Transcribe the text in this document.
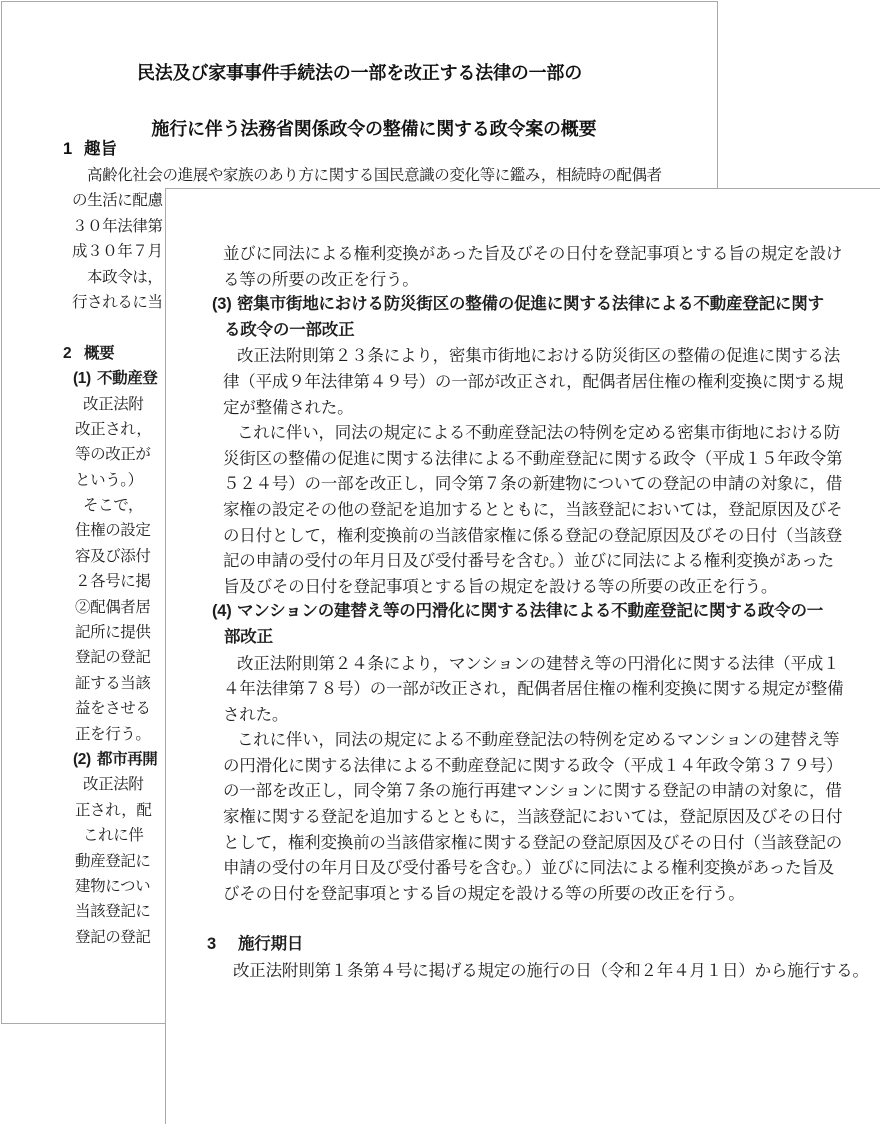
民法及び家事事件手続法の一部を改正する法律の一部の

施行に伴う法務省関係政令の整備に関する政令案の概要

1 趣旨

高齢化社会の進展や家族のあり方に関する国民意識の変化等に鑑み，相続時の配偶者
の生活に配慮
３０年法律第
成３０年７月
本政令は，
行されるに当
2 概要
(1) 不動産登
改正法附
改正され，
等の改正が
という。）
そこで，
住権の設定
容及び添付
２各号に掲
②配偶者居
記所に提供
登記の登記
証する当該
益をさせる
正を行う。
(2) 都市再開
改正法附
正され，配
これに伴
動産登記に
建物につい
当該登記に
登記の登記
並びに同法による権利変換があった旨及びその日付を登記事項とする旨の規定を設け
る等の所要の改正を行う。
(3) 密集市街地における防災街区の整備の促進に関する法律による不動産登記に関す
る政令の一部改正
改正法附則第２３条により，密集市街地における防災街区の整備の促進に関する法
律（平成９年法律第４９号）の一部が改正され，配偶者居住権の権利変換に関する規
定が整備された。
これに伴い，同法の規定による不動産登記法の特例を定める密集市街地における防
災街区の整備の促進に関する法律による不動産登記に関する政令（平成１５年政令第
５２４号）の一部を改正し，同令第７条の新建物についての登記の申請の対象に，借
家権の設定その他の登記を追加するとともに，当該登記においては，登記原因及びそ
の日付として，権利変換前の当該借家権に係る登記の登記原因及びその日付（当該登
記の申請の受付の年月日及び受付番号を含む。）並びに同法による権利変換があった
旨及びその日付を登記事項とする旨の規定を設ける等の所要の改正を行う。
(4) マンションの建替え等の円滑化に関する法律による不動産登記に関する政令の一
部改正
改正法附則第２４条により，マンションの建替え等の円滑化に関する法律（平成１
４年法律第７８号）の一部が改正され，配偶者居住権の権利変換に関する規定が整備
された。
これに伴い，同法の規定による不動産登記法の特例を定めるマンションの建替え等
の円滑化に関する法律による不動産登記に関する政令（平成１４年政令第３７９号）
の一部を改正し，同令第７条の施行再建マンションに関する登記の申請の対象に，借
家権に関する登記を追加するとともに，当該登記においては，登記原因及びその日付
として，権利変換前の当該借家権に関する登記の登記原因及びその日付（当該登記の
申請の受付の年月日及び受付番号を含む。）並びに同法による権利変換があった旨及
びその日付を登記事項とする旨の規定を設ける等の所要の改正を行う。
3 施行期日
改正法附則第１条第４号に掲げる規定の施行の日（令和２年４月１日）から施行する。
